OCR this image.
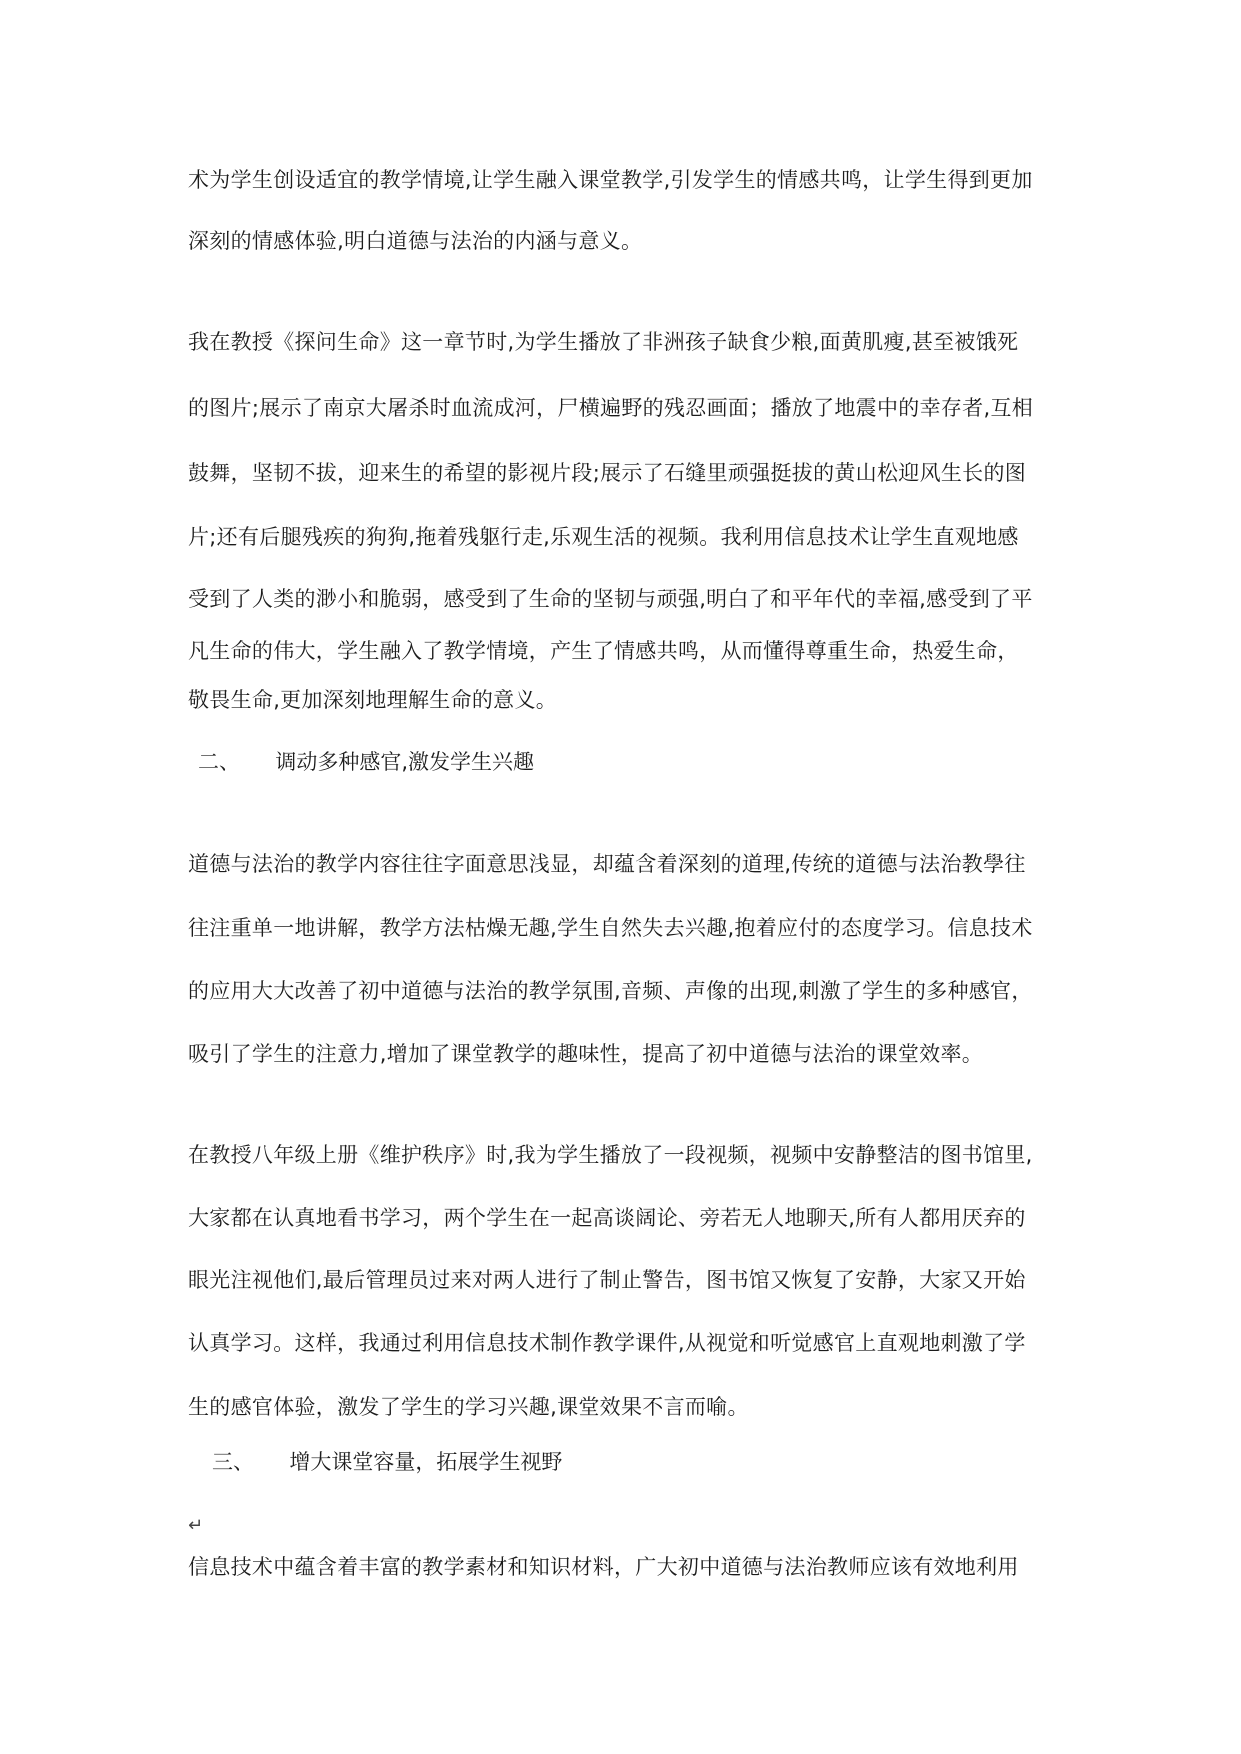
术为学生创设适宜的教学情境,让学生融入课堂教学,引发学生的情感共鸣，让学生得到更加
深刻的情感体验,明白道德与法治的内涵与意义。
我在教授《探问生命》这一章节时,为学生播放了非洲孩子缺食少粮,面黄肌瘦,甚至被饿死
的图片;展示了南京大屠杀时血流成河，尸横遍野的残忍画面；播放了地震中的幸存者,互相
鼓舞，坚韧不拔，迎来生的希望的影视片段;展示了石缝里顽强挺拔的黄山松迎风生长的图
片;还有后腿残疾的狗狗,拖着残躯行走,乐观生活的视频。我利用信息技术让学生直观地感
受到了人类的渺小和脆弱，感受到了生命的坚韧与顽强,明白了和平年代的幸福,感受到了平
凡生命的伟大，学生融入了教学情境，产生了情感共鸣，从而懂得尊重生命，热爱生命，
敬畏生命,更加深刻地理解生命的意义。
二、 调动多种感官,激发学生兴趣
道德与法治的教学内容往往字面意思浅显，却蕴含着深刻的道理,传统的道德与法治教學往
往注重单一地讲解，教学方法枯燥无趣,学生自然失去兴趣,抱着应付的态度学习。信息技术
的应用大大改善了初中道德与法治的教学氛围,音频、声像的出现,刺激了学生的多种感官，
吸引了学生的注意力,增加了课堂教学的趣味性，提高了初中道德与法治的课堂效率。
在教授八年级上册《维护秩序》时,我为学生播放了一段视频，视频中安静整洁的图书馆里,
大家都在认真地看书学习，两个学生在一起高谈阔论、旁若无人地聊天,所有人都用厌弃的
眼光注视他们,最后管理员过来对两人进行了制止警告，图书馆又恢复了安静，大家又开始
认真学习。这样，我通过利用信息技术制作教学课件,从视觉和听觉感官上直观地刺激了学
生的感官体验，激发了学生的学习兴趣,课堂效果不言而喻。
三、 增大课堂容量，拓展学生视野
↵
信息技术中蕴含着丰富的教学素材和知识材料，广大初中道德与法治教师应该有效地利用
